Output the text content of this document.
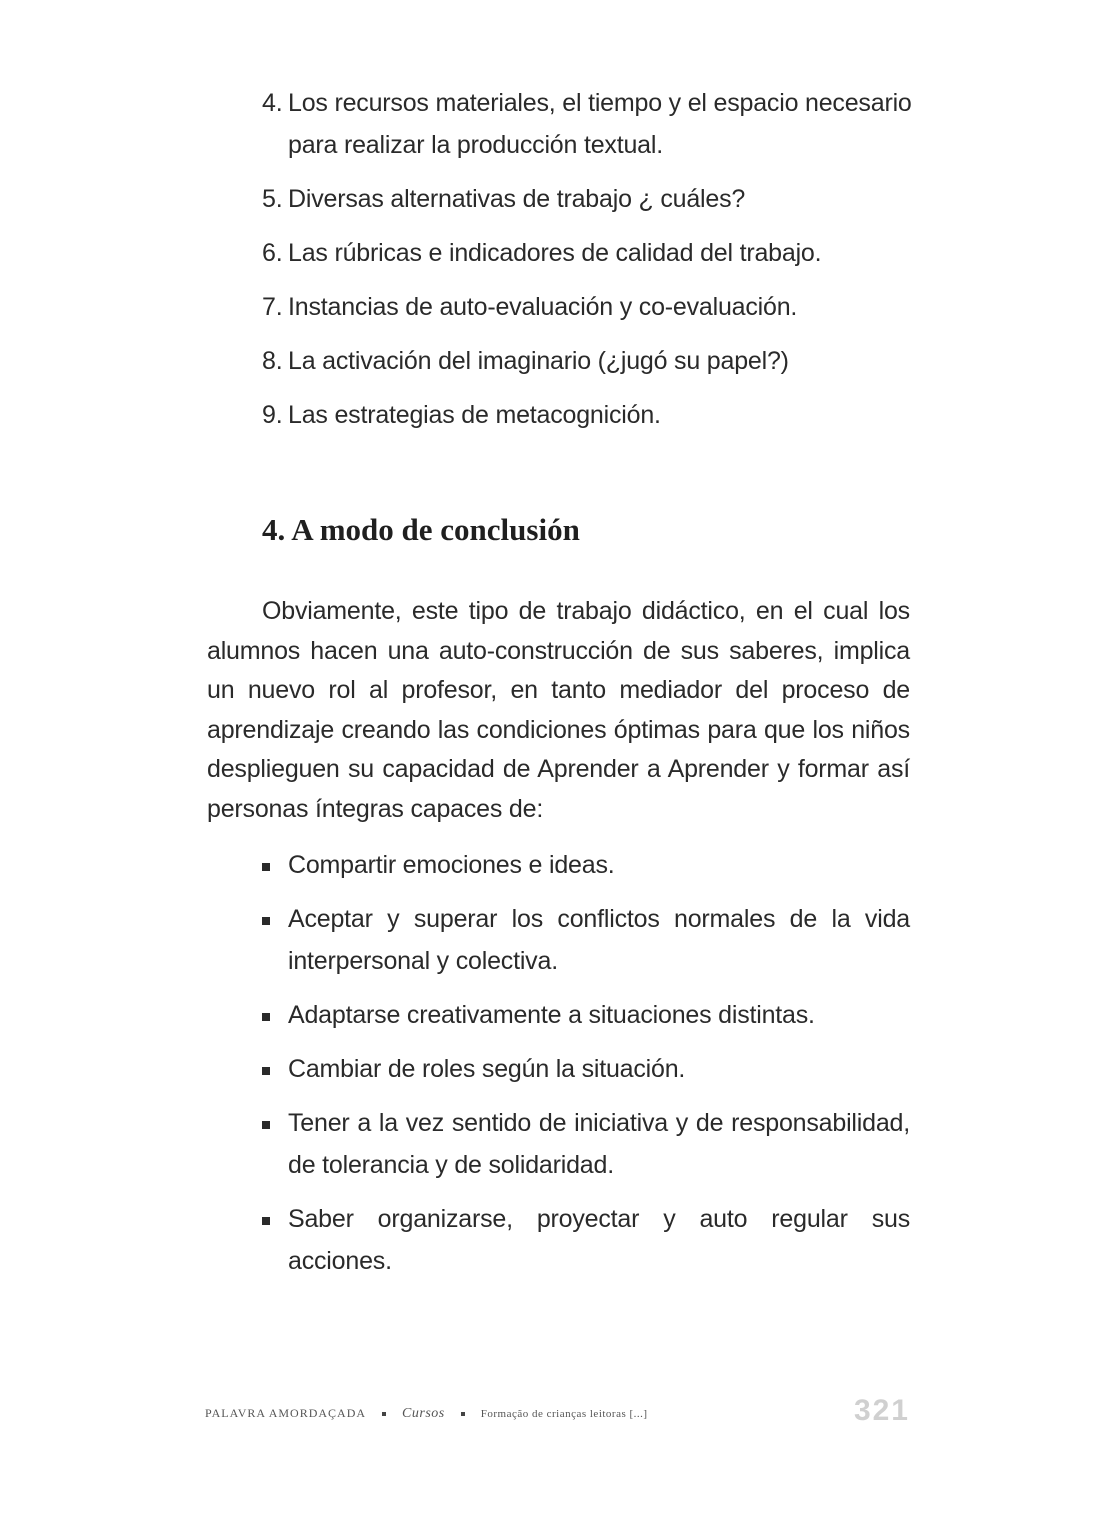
4. Los recursos materiales, el tiempo y el espacio necesario para realizar la producción textual.
5. Diversas alternativas de trabajo ¿ cuáles?
6. Las rúbricas e indicadores de calidad del trabajo.
7. Instancias de auto-evaluación y co-evaluación.
8. La activación del imaginario (¿jugó su papel?)
9. Las estrategias de metacognición.
4. A modo de conclusión

Obviamente, este tipo de trabajo didáctico, en el cual los alumnos hacen una auto-construcción de sus saberes, implica un nuevo rol al profesor, en tanto mediador del proceso de aprendizaje creando las condiciones óptimas para que los niños desplieguen su capacidad de Aprender a Aprender y formar así personas íntegras capaces de:

Compartir emociones e ideas.
Aceptar y superar los conflictos normales de la vida interpersonal y colectiva.
Adaptarse creativamente a situaciones distintas.
Cambiar de roles según la situación.
Tener a la vez sentido de iniciativa y de responsabilidad, de tolerancia y de solidaridad.
Saber organizarse, proyectar y auto regular sus acciones.
PALAVRA AMORDAÇADA	Cursos	Formação de crianças leitoras [...]	321
